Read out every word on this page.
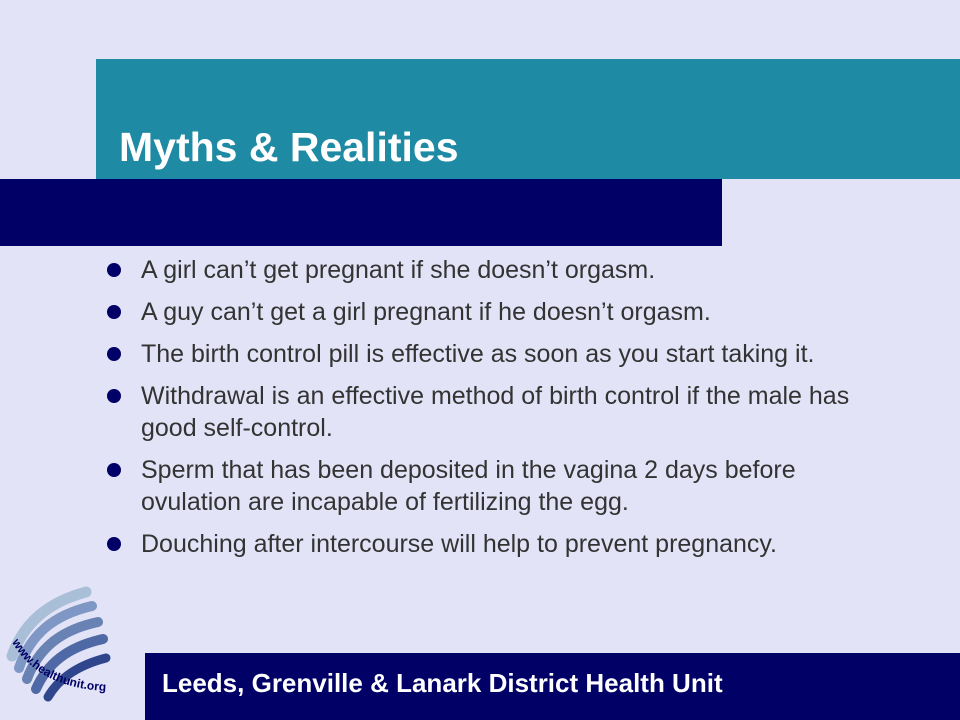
Myths & Realities
A girl can’t get pregnant if she doesn’t orgasm.
A guy can’t get a girl pregnant if he doesn’t orgasm.
The birth control pill is effective as soon as you start taking it.
Withdrawal is an effective method of birth control if the male has good self-control.
Sperm that has been deposited in the vagina 2 days before ovulation are incapable of fertilizing the egg.
Douching after intercourse will help to prevent pregnancy.
www.healthunit.org Leeds, Grenville & Lanark District Health Unit
